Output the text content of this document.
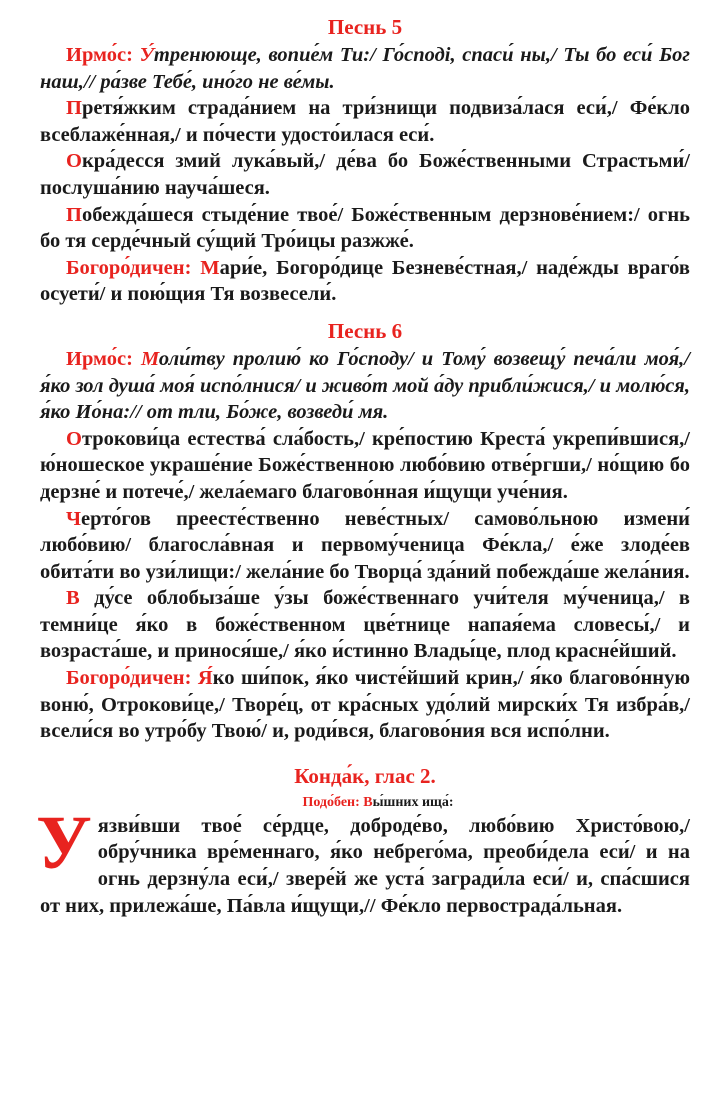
Песнь 5

Ирмо́с: У́тренююще, вопие́м Ти:/ Го́сподi, спаси́ ны,/ Ты бо еси́ Бог наш,// ра́зве Тебе́, ино́го не ве́мы.

Претя́жким страда́нием на три́знищи подвиза́лася еси́,/ Фе́кло всеблаже́нная,/ и по́чести удосто́илася еси́.

Окра́десся змий лука́вый,/ де́ва бо Боже́ственными Страстьми́/ послуша́нию науча́шеся.

Побежда́шеся стыде́ние твое́/ Боже́ственным дерзнове́нием:/ огнь бо тя серде́чный су́щий Тро́ицы разжже́.

Богоро́дичен: Мари́е, Богоро́дице Безневе́стная,/ наде́жды враго́в осуети́/ и пою́щия Тя возвесели́.

Песнь 6

Ирмо́с: Моли́тву пролию́ ко Го́споду/ и Тому́ возвещу́ печа́ли моя́,/ я́ко зол душа́ моя́ испо́лнися/ и живо́т мой а́ду прибли́жися,/ и молю́ся, я́ко Ио́на:// от тли, Бо́же, возведи́ мя.

Отрокови́ца естества́ сла́бость,/ кре́постию Креста́ укрепи́вшися,/ ю́ношеское украше́ние Боже́ственною любо́вию отве́ргши,/ но́щию бо дерзне́ и потече́,/ жела́емаго благово́нная и́щущи уче́ния.

Черто́гов преесте́ственно неве́стных/ самово́льною измени́ любо́вию/ благосла́вная и первому́ченица Фе́кла,/ е́же злоде́ев обита́ти во узи́лищи:/ жела́ние бо Творца́ зда́ний побежда́ше жела́ния.

В ду́се облобыза́ше у́зы боже́ственнаго учи́теля му́ченица,/ в темни́це я́ко в боже́ственном цве́тнице напая́ема словесы́,/ и возраста́ше, и принося́ше,/ я́ко и́стинно Влады́це, плод красне́йший.

Богоро́дичен: Я́ко ши́пок, я́ко чисте́йший крин,/ я́ко благово́нную воню́, Отрокови́це,/ Творе́ц, от кра́сных удо́лий мирски́х Тя избра́в,/ всели́ся во утро́бу Твою́/ и, роди́вся, благово́ния вся испо́лни.

Конда́к, глас 2.

Подо́бен: Вы́шних ища́:

Уязви́вши твое́ се́рдце, доброде́во, любо́вию Христо́вою,/ обру́чника вре́меннаго, я́ко небрего́ма, преоби́дела еси́/ и на огнь дерзну́ла еси́,/ звере́й же уста́ загради́ла еси́/ и, спа́сшися от них, прилежа́ше, Па́вла и́щущи,// Фе́кло первострада́льная.
